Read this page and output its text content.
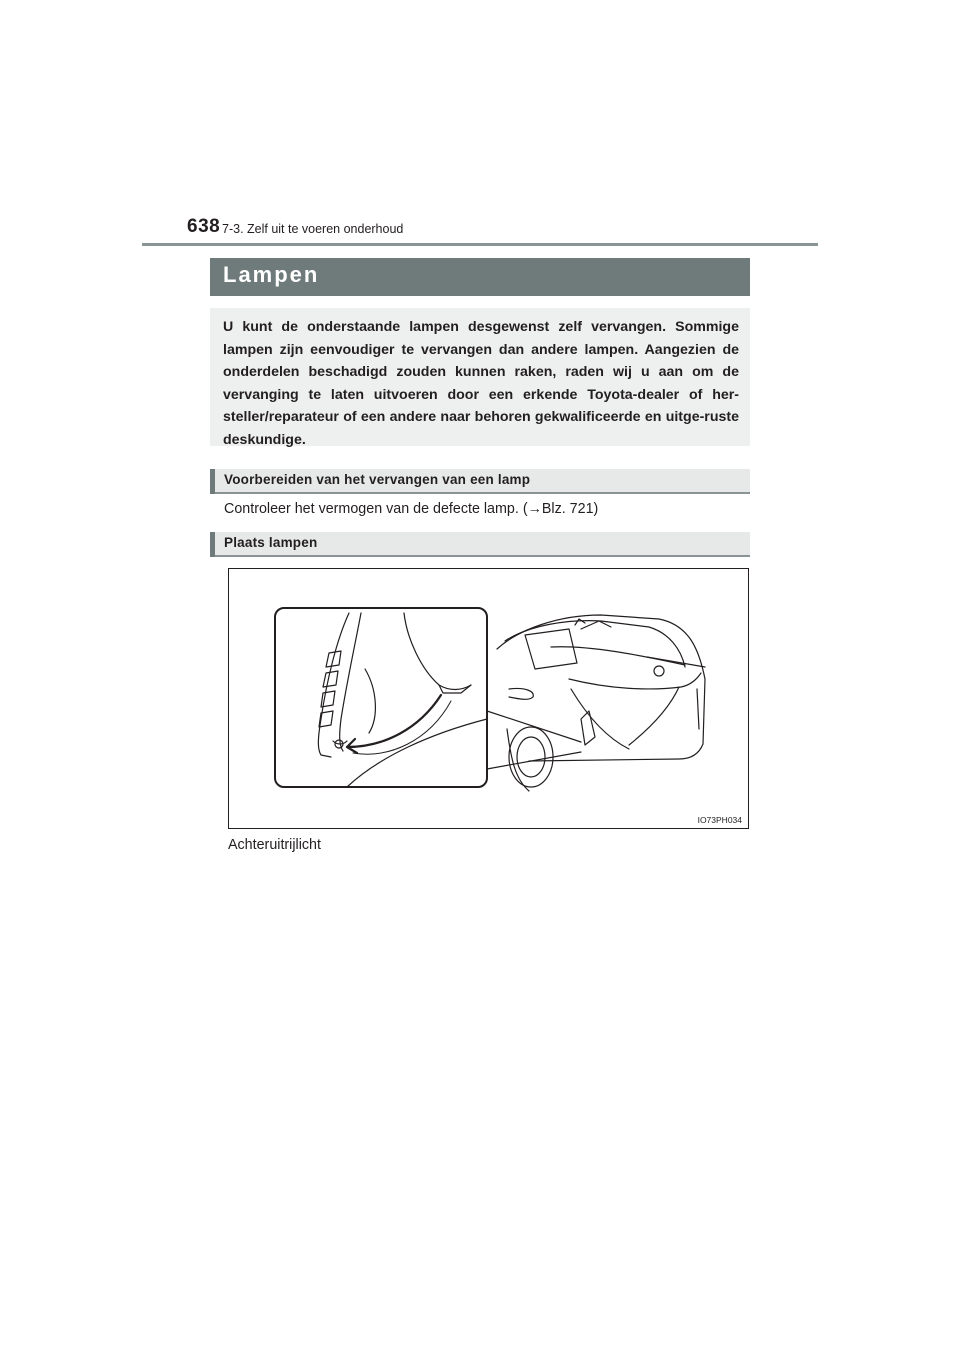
638 7-3. Zelf uit te voeren onderhoud
Lampen
U kunt de onderstaande lampen desgewenst zelf vervangen. Sommige lampen zijn eenvoudiger te vervangen dan andere lampen. Aangezien de onderdelen beschadigd zouden kunnen raken, raden wij u aan om de vervanging te laten uitvoeren door een erkende Toyota-dealer of her-steller/reparateur of een andere naar behoren gekwalificeerde en uitge-ruste deskundige.
Voorbereiden van het vervangen van een lamp
Controleer het vermogen van de defecte lamp. (→Blz. 721)
Plaats lampen
IO73PH034
Achteruitrijlicht
